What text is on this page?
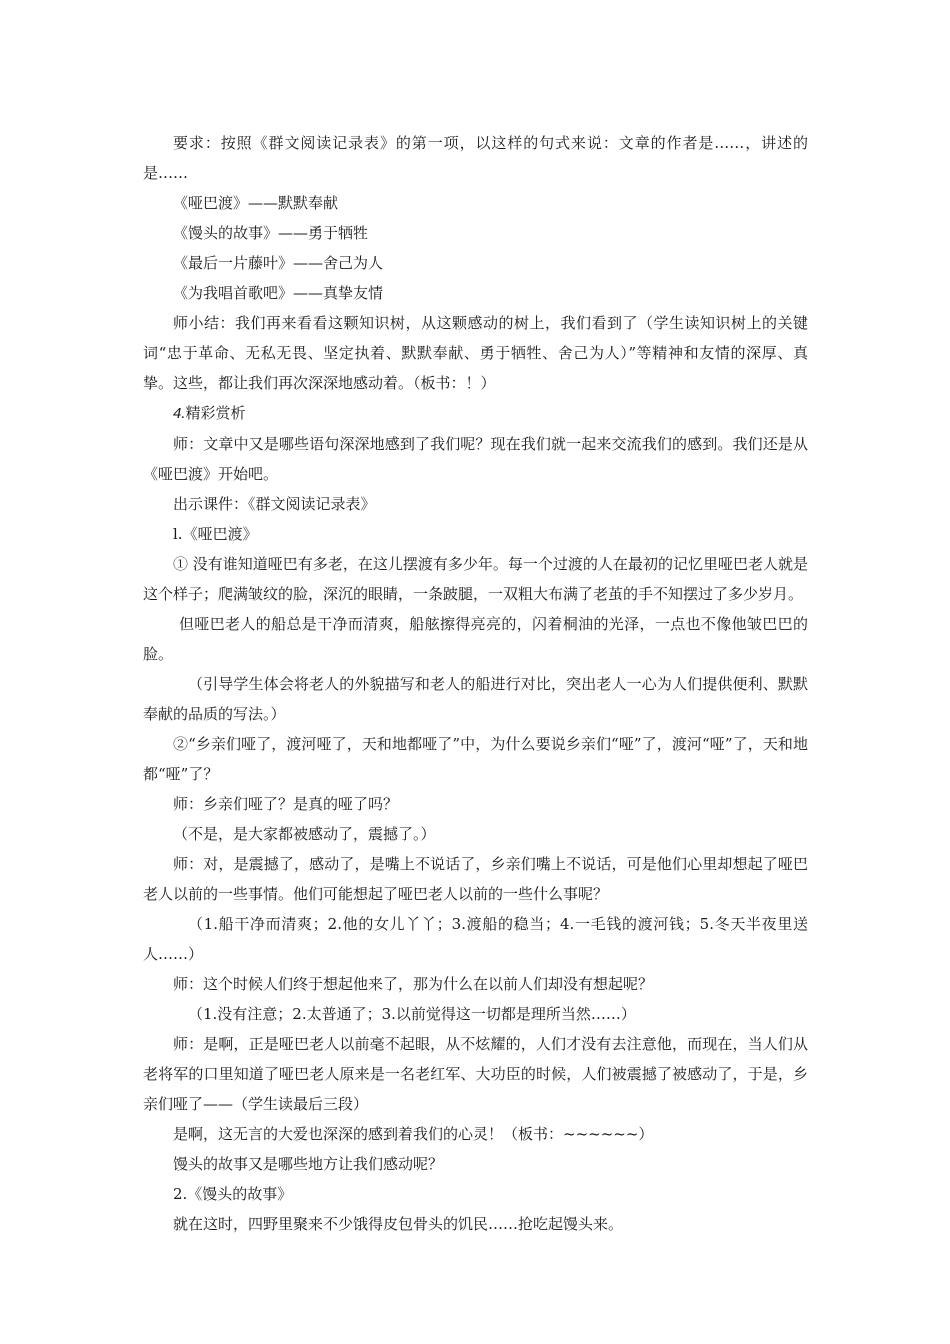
要求：按照《群文阅读记录表》的第一项，以这样的句式来说：文章的作者是……，讲述的是……

《哑巴渡》——默默奉献

《馒头的故事》——勇于牺牲

《最后一片藤叶》——舍己为人

《为我唱首歌吧》——真挚友情

师小结：我们再来看看这颗知识树，从这颗感动的树上，我们看到了（学生读知识树上的关键词“忠于革命、无私无畏、坚定执着、默默奉献、勇于牺牲、舍己为人）”等精神和友情的深厚、真挚。这些，都让我们再次深深地感动着。（板书：！）

4.精彩赏析

师：文章中又是哪些语句深深地感到了我们呢？现在我们就一起来交流我们的感到。我们还是从《哑巴渡》开始吧。

出示课件：《群文阅读记录表》

l.《哑巴渡》

① 没有谁知道哑巴有多老，在这儿摆渡有多少年。每一个过渡的人在最初的记忆里哑巴老人就是这个样子；爬满皱纹的脸，深沉的眼睛，一条跛腿，一双粗大布满了老茧的手不知摆过了多少岁月。

但哑巴老人的船总是干净而清爽，船舷擦得亮亮的，闪着桐油的光泽，一点也不像他皱巴巴的脸。

（引导学生体会将老人的外貌描写和老人的船进行对比，突出老人一心为人们提供便利、默默奉献的品质的写法。）

②“乡亲们哑了，渡河哑了，天和地都哑了”中，为什么要说乡亲们“哑”了，渡河“哑”了，天和地都“哑”了？

师：乡亲们哑了？是真的哑了吗？

（不是，是大家都被感动了，震撼了。）

师：对，是震撼了，感动了，是嘴上不说话了，乡亲们嘴上不说话，可是他们心里却想起了哑巴老人以前的一些事情。他们可能想起了哑巴老人以前的一些什么事呢？

（1.船干净而清爽；2.他的女儿丫丫；3.渡船的稳当；4.一毛钱的渡河钱；5.冬天半夜里送人……）

师：这个时候人们终于想起他来了，那为什么在以前人们却没有想起呢？

（1.没有注意；2.太普通了；3.以前觉得这一切都是理所当然……）

师：是啊，正是哑巴老人以前毫不起眼，从不炫耀的，人们才没有去注意他，而现在，当人们从老将军的口里知道了哑巴老人原来是一名老红军、大功臣的时候，人们被震撼了被感动了，于是，乡亲们哑了——（学生读最后三段）

是啊，这无言的大爱也深深的感到着我们的心灵！（板书：~~~~~~）

馒头的故事又是哪些地方让我们感动呢？

2.《馒头的故事》

就在这时，四野里聚来不少饿得皮包骨头的饥民……抢吃起馒头来。
